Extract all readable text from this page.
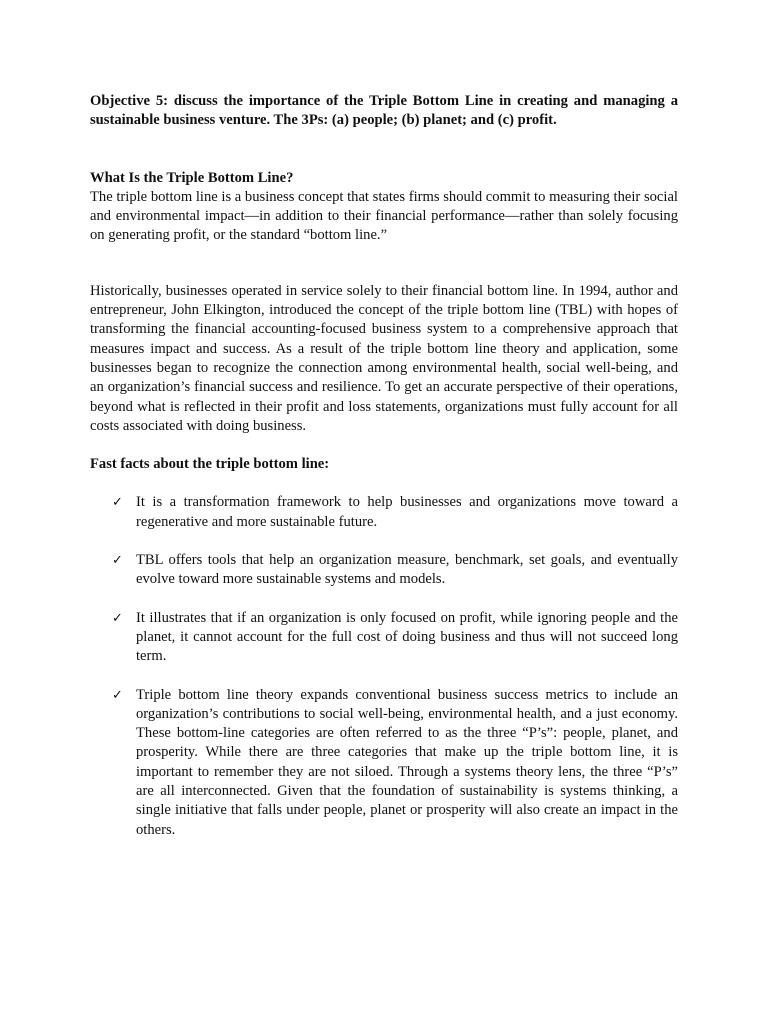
Objective 5: discuss the importance of the Triple Bottom Line in creating and managing a sustainable business venture. The 3Ps: (a) people; (b) planet; and (c) profit.

What Is the Triple Bottom Line?

The triple bottom line is a business concept that states firms should commit to measuring their social and environmental impact—in addition to their financial performance—rather than solely focusing on generating profit, or the standard “bottom line.”

Historically, businesses operated in service solely to their financial bottom line. In 1994, author and entrepreneur, John Elkington, introduced the concept of the triple bottom line (TBL) with hopes of transforming the financial accounting-focused business system to a comprehensive approach that measures impact and success. As a result of the triple bottom line theory and application, some businesses began to recognize the connection among environmental health, social well-being, and an organization’s financial success and resilience. To get an accurate perspective of their operations, beyond what is reflected in their profit and loss statements, organizations must fully account for all costs associated with doing business.

Fast facts about the triple bottom line:

✓ It is a transformation framework to help businesses and organizations move toward a regenerative and more sustainable future.
✓ TBL offers tools that help an organization measure, benchmark, set goals, and eventually evolve toward more sustainable systems and models.
✓ It illustrates that if an organization is only focused on profit, while ignoring people and the planet, it cannot account for the full cost of doing business and thus will not succeed long term.
✓ Triple bottom line theory expands conventional business success metrics to include an organization’s contributions to social well-being, environmental health, and a just economy. These bottom-line categories are often referred to as the three “P’s”: people, planet, and prosperity. While there are three categories that make up the triple bottom line, it is important to remember they are not siloed. Through a systems theory lens, the three “P’s” are all interconnected. Given that the foundation of sustainability is systems thinking, a single initiative that falls under people, planet or prosperity will also create an impact in the others.
